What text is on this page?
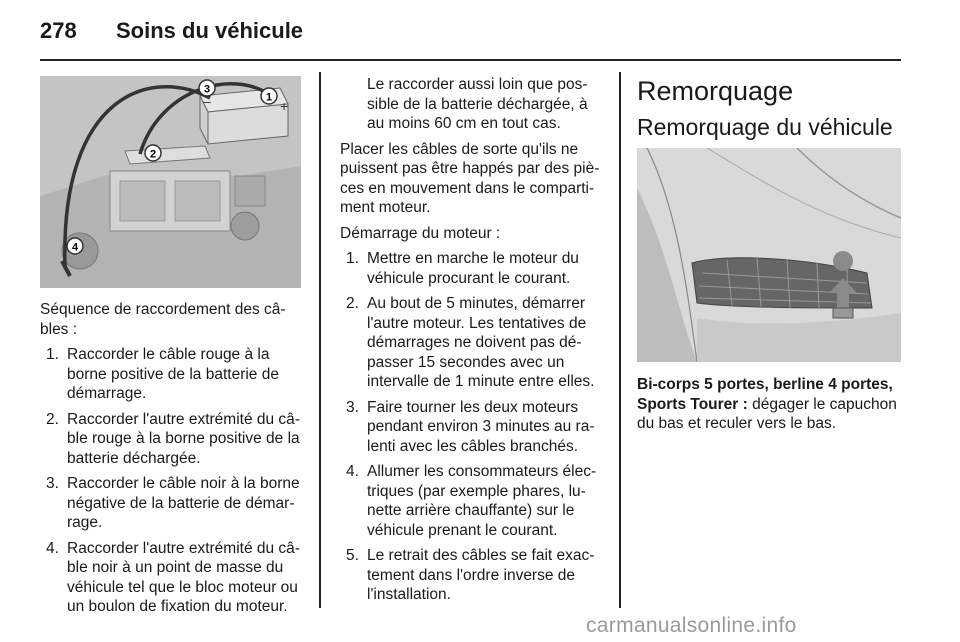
278 Soins du véhicule
1
2
3
4
+
–

Séquence de raccordement des câbles :

1. Raccorder le câble rouge à la borne positive de la batterie de démarrage.
2. Raccorder l'autre extrémité du câble rouge à la borne positive de la batterie déchargée.
3. Raccorder le câble noir à la borne négative de la batterie de démarrage.
4. Raccorder l'autre extrémité du câble noir à un point de masse du véhicule tel que le bloc moteur ou un boulon de fixation du moteur.
Le raccorder aussi loin que possible de la batterie déchargée, à au moins 60 cm en tout cas.

Placer les câbles de sorte qu'ils ne puissent pas être happés par des pièces en mouvement dans le compartiment moteur.

Démarrage du moteur :

1. Mettre en marche le moteur du véhicule procurant le courant.
2. Au bout de 5 minutes, démarrer l'autre moteur. Les tentatives de démarrages ne doivent pas dépasser 15 secondes avec un intervalle de 1 minute entre elles.
3. Faire tourner les deux moteurs pendant environ 3 minutes au ralenti avec les câbles branchés.
4. Allumer les consommateurs électriques (par exemple phares, lunette arrière chauffante) sur le véhicule prenant le courant.
5. Le retrait des câbles se fait exactement dans l'ordre inverse de l'installation.
Remorquage
Remorquage du véhicule

Bi-corps 5 portes, berline 4 portes, Sports Tourer : dégager le capuchon du bas et reculer vers le bas.

carmanualsonline.info
